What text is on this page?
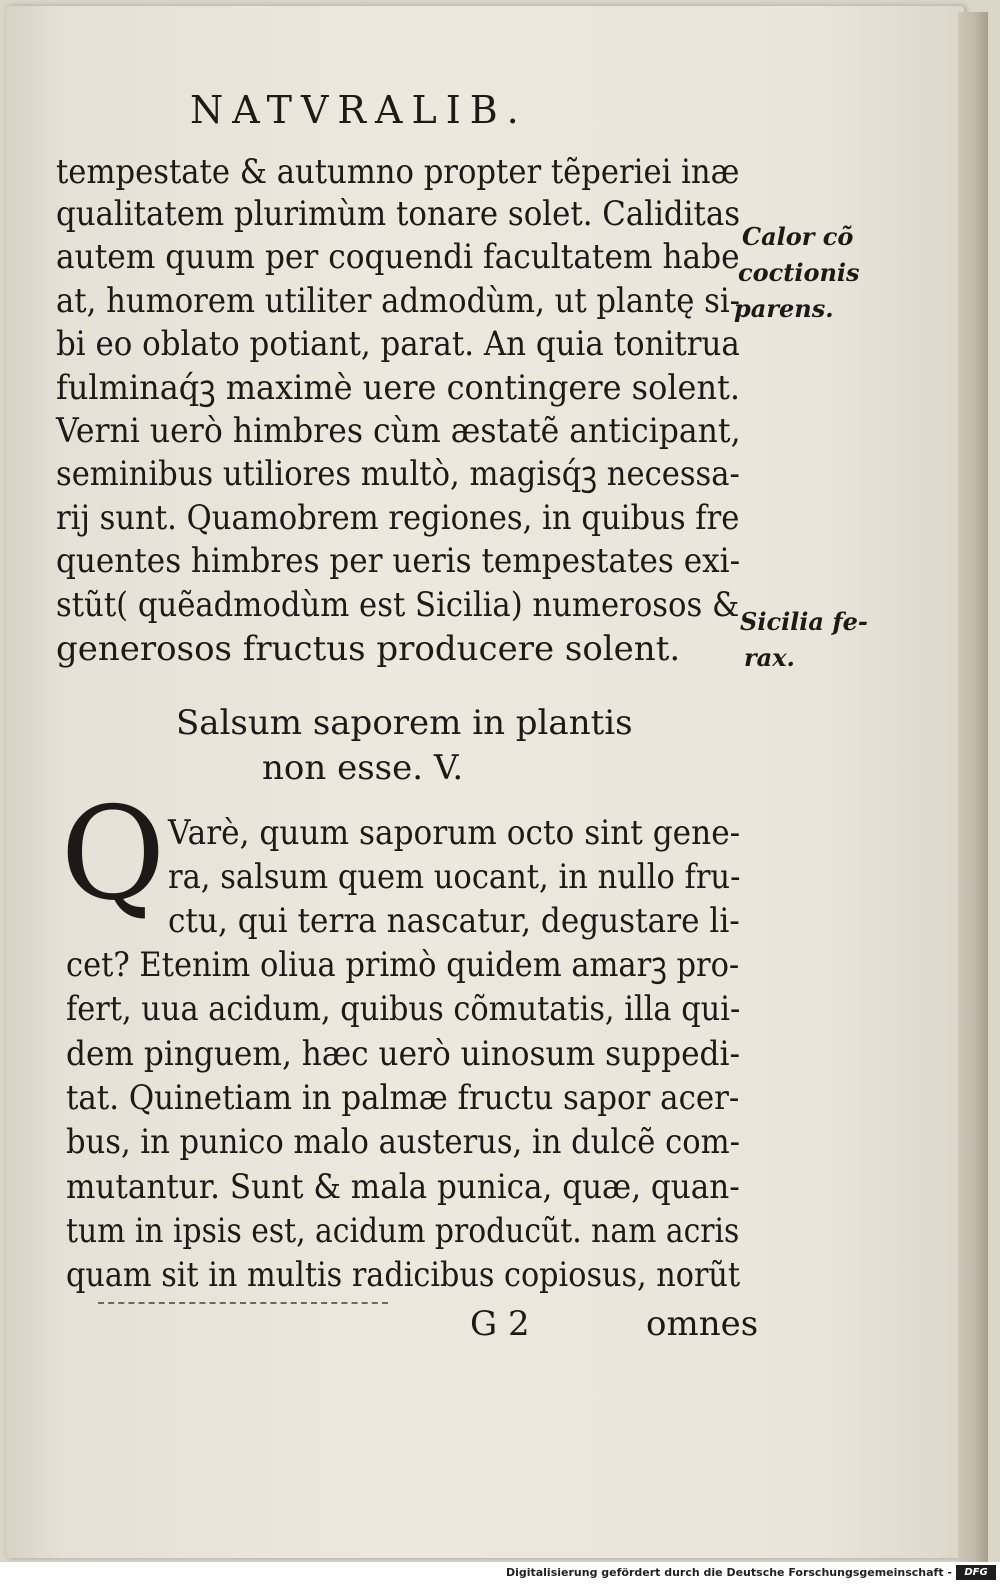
NATVRALIB.
tempestate & autumno propter tẽperiei inæ
qualitatem plurimùm tonare solet. Caliditas
autem quum per coquendi facultatem habe
at, humorem utiliter admodùm, ut plantę si-
bi eo oblato potiant, parat. An quia tonitrua
fulminaq́ꝫ maximè uere contingere solent.
Verni uerò himbres cùm æstatẽ anticipant,
seminibus utiliores multò, magisq́ꝫ necessa-
rij sunt. Quamobrem regiones, in quibus fre
quentes himbres per ueris tempestates exi-
stũt( quẽadmodùm est Sicilia) numerosos &
generosos fructus producere solent.
Calor cõ
coctionis
parens.
Sicilia fe-
rax.
Salsum saporem in plantis
non esse. V.
Q Varè, quum saporum octo sint gene-
ra, salsum quem uocant, in nullo fru-
ctu, qui terra nascatur, degustare li-
cet? Etenim oliua primò quidem amarꝫ pro-
fert, uua acidum, quibus cõmutatis, illa qui-
dem pinguem, hæc uerò uinosum suppedi-
tat. Quinetiam in palmæ fructu sapor acer-
bus, in punico malo austerus, in dulcẽ com-
mutantur. Sunt & mala punica, quæ, quan-
tum in ipsis est, acidum producũt. nam acris
quam sit in multis radicibus copiosus, norũt
G 2	omnes
Digitalisierung gefördert durch die Deutsche Forschungsgemeinschaft -	DFG
